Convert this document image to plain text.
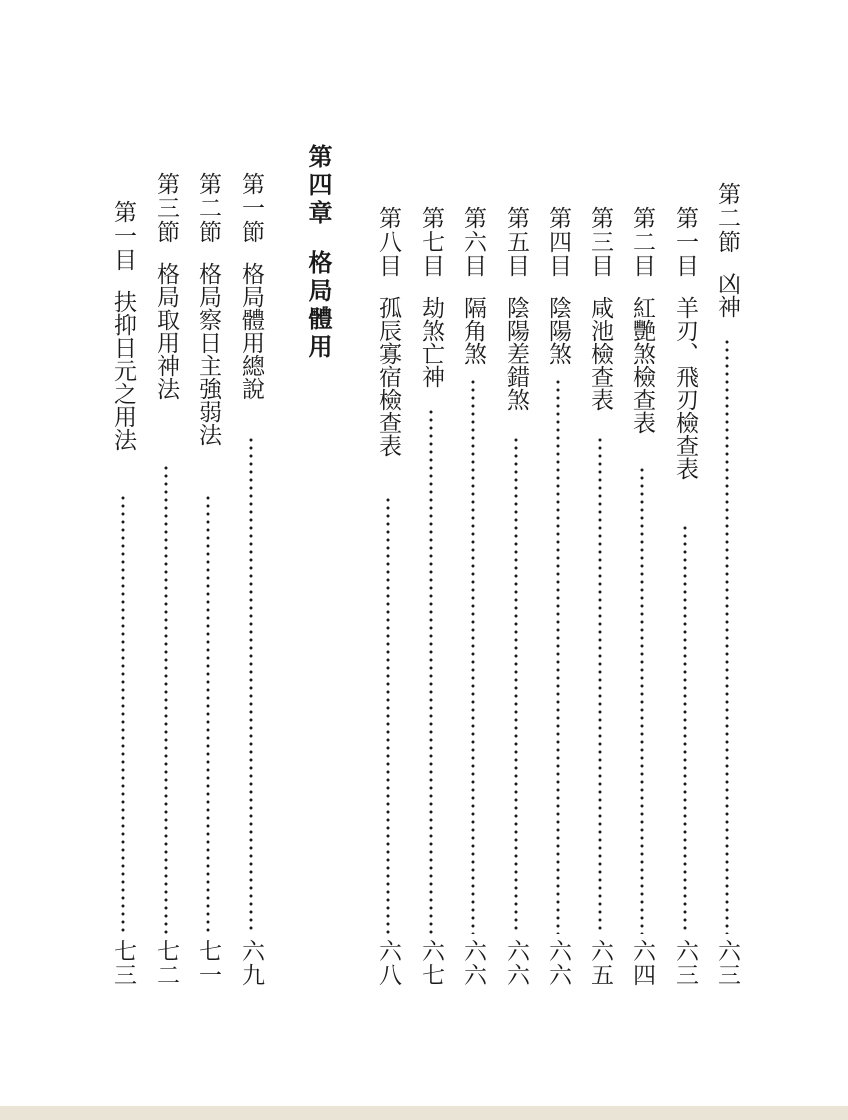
第二節凶神
六三
第一目羊刃、飛刃檢查表
六三
第二目紅艷煞檢查表
六四
第三目咸池檢查表
六五
第四目陰陽煞
六六
第五目陰陽差錯煞
六六
第六目隔角煞
六六
第七目劫煞亡神
六七
第八目孤辰寡宿檢查表
六八
第四章格局體用
第一節格局體用總說
六九
第二節格局察日主強弱法
七一
第三節格局取用神法
七二
第一目扶抑日元之用法
七三
